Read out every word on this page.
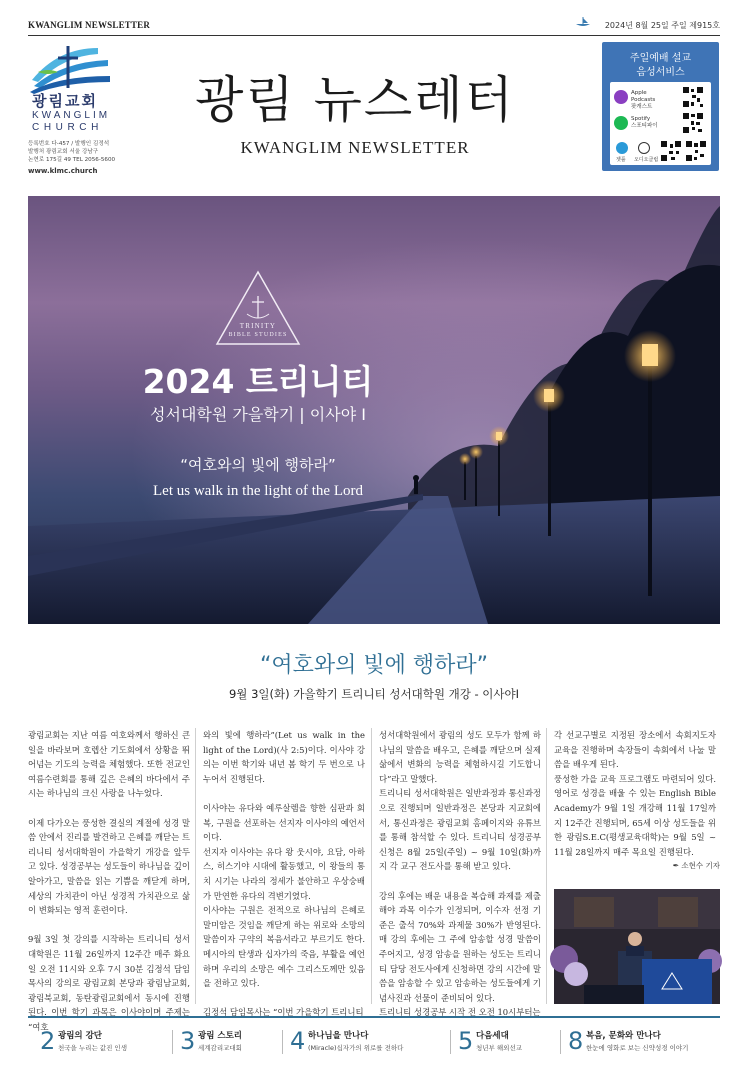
KWANGLIM NEWSLETTER	2024년 8월 25일 주일 제915호
광림교회
KWANGLIM
CHURCH
등록번호 다-457 / 발행인 김정석
발행처 광림교회 서울 강남구
논현로 175길 49 TEL 2056-5600
www.klmc.church
광림 뉴스레터
KWANGLIM NEWSLETTER
주일예배 설교
음성서비스
Apple Podcasts
팟캐스트
Spotify
스포티파이
젯플 오디오클립
TRINITY
BIBLE STUDIES
2024 트리니티
성서대학원 가을학기 | 이사야 Ⅰ
“여호와의 빛에 행하라”
Let us walk in the light of the Lord
“여호와의 빛에 행하라”
9월 3일(화) 가을학기 트리니티 성서대학원 개강 - 이사야Ⅰ

광림교회는 지난 여름 여호와께서 행하신 큰 일을 바라보며 호렙산 기도회에서 상황을 뛰어넘는 기도의 능력을 체험했다. 또한 전교인 여름수련회를 통해 깊은 은혜의 바다에서 주시는 하나님의 크신 사랑을 나누었다.

이제 다가오는 풍성한 결실의 계절에 성경 말씀 안에서 진리를 발견하고 은혜를 깨닫는 트리니티 성서대학원이 가을학기 개강을 앞두고 있다. 성경공부는 성도들이 하나님을 깊이 알아가고, 말씀을 읽는 기쁨을 깨닫게 하며, 세상의 가치관이 아닌 성경적 가치관으로 삶이 변화되는 영적 훈련이다.

9월 3일 첫 강의를 시작하는 트리니티 성서대학원은 11월 26일까지 12주간 매주 화요일 오전 11시와 오후 7시 30분 김정석 담임목사의 강의로 광림교회 본당과 광림남교회, 광림북교회, 동탄광림교회에서 동시에 진행된다. 이번 학기 과목은 이사야이며 주제는 “여호

와의 빛에 행하라”(Let us walk in the light of the Lord)(사 2:5)이다. 이사야 강의는 이번 학기와 내년 봄 학기 두 번으로 나누어서 진행된다.

이사야는 유다와 예루살렘을 향한 심판과 회복, 구원을 선포하는 선지자 이사야의 예언서이다.

선지자 이사야는 유다 왕 웃시야, 요담, 아하스, 히스기야 시대에 활동했고, 이 왕들의 통치 시기는 나라의 정세가 불안하고 우상숭배가 만연한 유다의 격변기였다.

이사야는 구원은 전적으로 하나님의 은혜로 말미암은 것임을 깨닫게 하는 위로와 소망의 말씀이자 구약의 복음서라고 부르기도 한다. 메시아의 탄생과 십자가의 죽음, 부활을 예언하며 우리의 소망은 예수 그리스도께만 있음을 전하고 있다.

김정석 담임목사는 “이번 가을학기 트리니티

성서대학원에서 광림의 성도 모두가 함께 하나님의 말씀을 배우고, 은혜를 깨닫으며 실제 삶에서 변화의 능력을 체험하시길 기도합니다”라고 말했다.

트리니티 성서대학원은 일반과정과 통신과정으로 진행되며 일반과정은 본당과 지교회에서, 통신과정은 광림교회 홈페이지와 유튜브를 통해 참석할 수 있다. 트리니티 성경공부 신청은 8월 25일(주일) ~ 9월 10일(화)까지 각 교구 전도사를 통해 받고 있다.

강의 후에는 배운 내용을 복습해 과제를 제출해야 과목 이수가 인정되며, 이수자 선정 기준은 출석 70%와 과제물 30%가 반영된다. 매 강의 후에는 그 주에 암송할 성경 말씀이 주어지고, 성경 암송을 원하는 성도는 트리니티 담당 전도사에게 신청하면 강의 시간에 말씀을 암송할 수 있고 암송하는 성도들에게 기념사진과 선물이 준비되어 있다.

트리니티 성경공부 시작 전 오전 10시부터는

각 선교구별로 지정된 장소에서 속회지도자 교육을 진행하며 속장들이 속회에서 나눌 말씀을 배우게 된다.

풍성한 가을 교육 프로그램도 마련되어 있다. 영어로 성경을 배울 수 있는 English Bible Academy가 9월 1일 개강해 11월 17일까지 12주간 진행되며, 65세 이상 성도들을 위한 광림S.E.C(평생교육대학)는 9월 5일 ~ 11월 28일까지 매주 목요일 진행된다.

✒ 소현수 기자
2 광림의 강단
천국을 누리는 값진 인생 3 광림 스토리
세계감리교대회 4 하나님을 만나다
(Miracle)십자가의 위로를 전하다 5 다음세대
청년부 해외선교 8 복음, 문화와 만나다
한눈에 영화로 보는 신약성경 이야기
